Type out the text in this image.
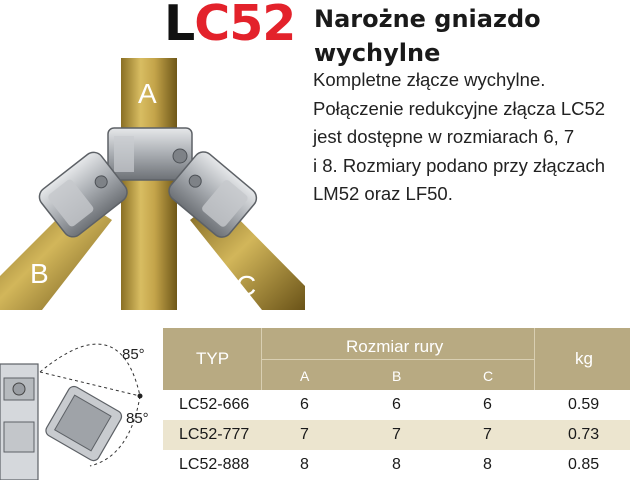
LC52 Narożne gniazdo
wychylne
Kompletne złącze wychylne.
Połączenie redukcyjne złącza LC52
jest dostępne w rozmiarach 6, 7
i 8. Rozmiary podano przy złączach
LM52 oraz LF50.
A
B	C
85°
85°
TYP
Rozmiar rury
kg
A	B	C
LC52-666	6	6	6	0.59
LC52-777	7	7	7	0.73
LC52-888	8	8	8	0.85
